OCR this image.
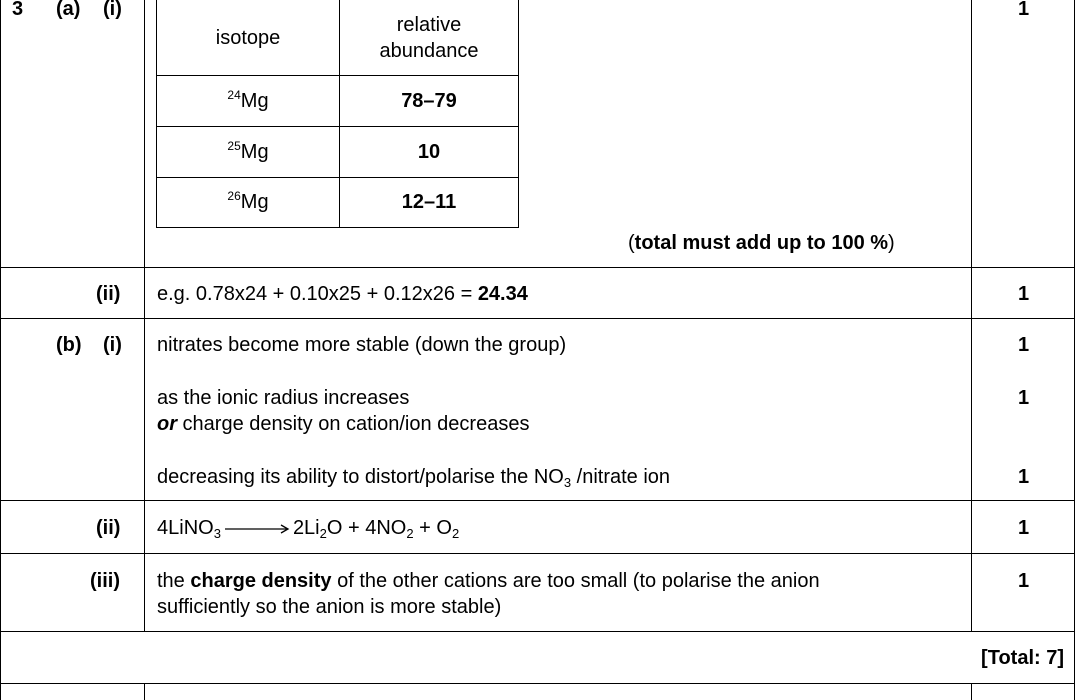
3 (a) (i)
isotope	relative
abundance
$^{24}$Mg	78–79
$^{25}$Mg	10
$^{26}$Mg	12–11
(total must add up to 100 %)
1
(ii) e.g. 0.78x24 + 0.10x25 + 0.12x26 = 24.34	1
(b) (i) nitrates become more stable (down the group)	1
as the ionic radius increases
or charge density on cation/ion decreases
1
decreasing its ability to distort/polarise the $NO_3$ /nitrate ion	1
(ii) 4LiNO$_3$ → $2Li_2O + 4NO_2 + O_2$	1
(iii) the charge density of the other cations are too small (to polarise the anion
sufficiently so the anion is more stable)
1
[Total: 7]
